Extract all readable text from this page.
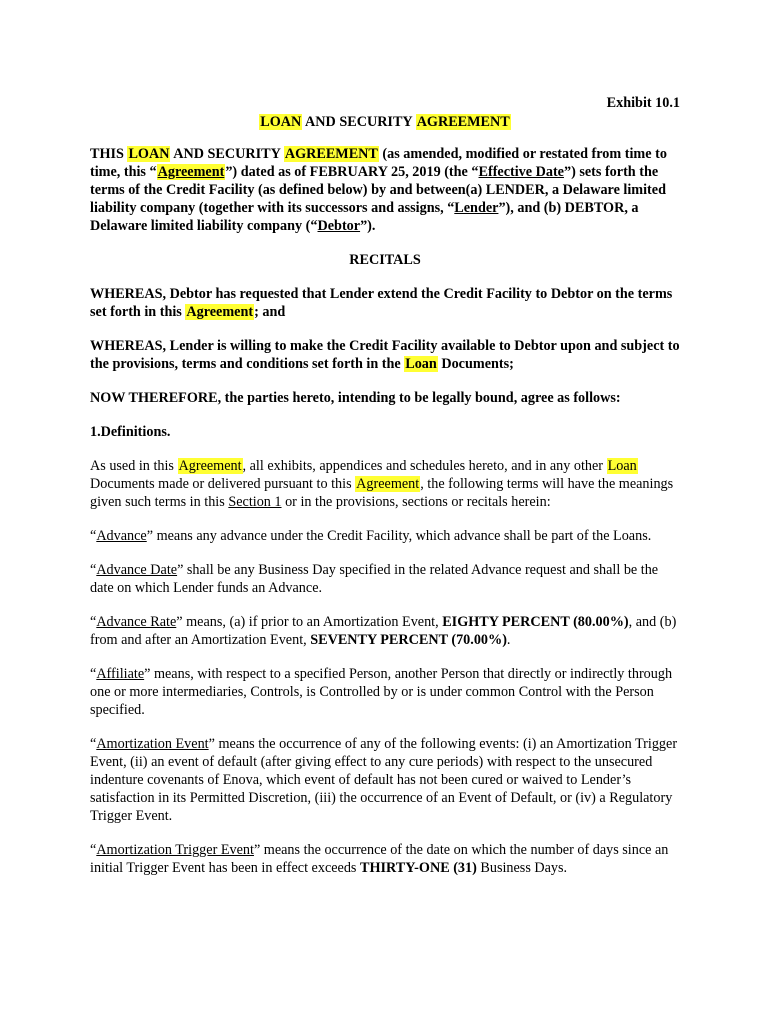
Exhibit 10.1

LOAN AND SECURITY AGREEMENT

THIS LOAN AND SECURITY AGREEMENT (as amended, modified or restated from time to time, this “Agreement”) dated as of FEBRUARY 25, 2019 (the “Effective Date”) sets forth the terms of the Credit Facility (as defined below) by and between(a) LENDER, a Delaware limited liability company (together with its successors and assigns, “Lender”), and (b) DEBTOR, a Delaware limited liability company (“Debtor”).

RECITALS

WHEREAS, Debtor has requested that Lender extend the Credit Facility to Debtor on the terms set forth in this Agreement; and

WHEREAS, Lender is willing to make the Credit Facility available to Debtor upon and subject to the provisions, terms and conditions set forth in the Loan Documents;

NOW THEREFORE, the parties hereto, intending to be legally bound, agree as follows:

1.Definitions.

As used in this Agreement, all exhibits, appendices and schedules hereto, and in any other Loan Documents made or delivered pursuant to this Agreement, the following terms will have the meanings given such terms in this Section 1 or in the provisions, sections or recitals herein:

“Advance” means any advance under the Credit Facility, which advance shall be part of the Loans.

“Advance Date” shall be any Business Day specified in the related Advance request and shall be the date on which Lender funds an Advance.

“Advance Rate” means, (a) if prior to an Amortization Event, EIGHTY PERCENT (80.00%), and (b) from and after an Amortization Event, SEVENTY PERCENT (70.00%).

“Affiliate” means, with respect to a specified Person, another Person that directly or indirectly through one or more intermediaries, Controls, is Controlled by or is under common Control with the Person specified.

“Amortization Event” means the occurrence of any of the following events: (i) an Amortization Trigger Event, (ii) an event of default (after giving effect to any cure periods) with respect to the unsecured indenture covenants of Enova, which event of default has not been cured or waived to Lender’s satisfaction in its Permitted Discretion, (iii) the occurrence of an Event of Default, or (iv) a Regulatory Trigger Event.

“Amortization Trigger Event” means the occurrence of the date on which the number of days since an initial Trigger Event has been in effect exceeds THIRTY-ONE (31) Business Days.
